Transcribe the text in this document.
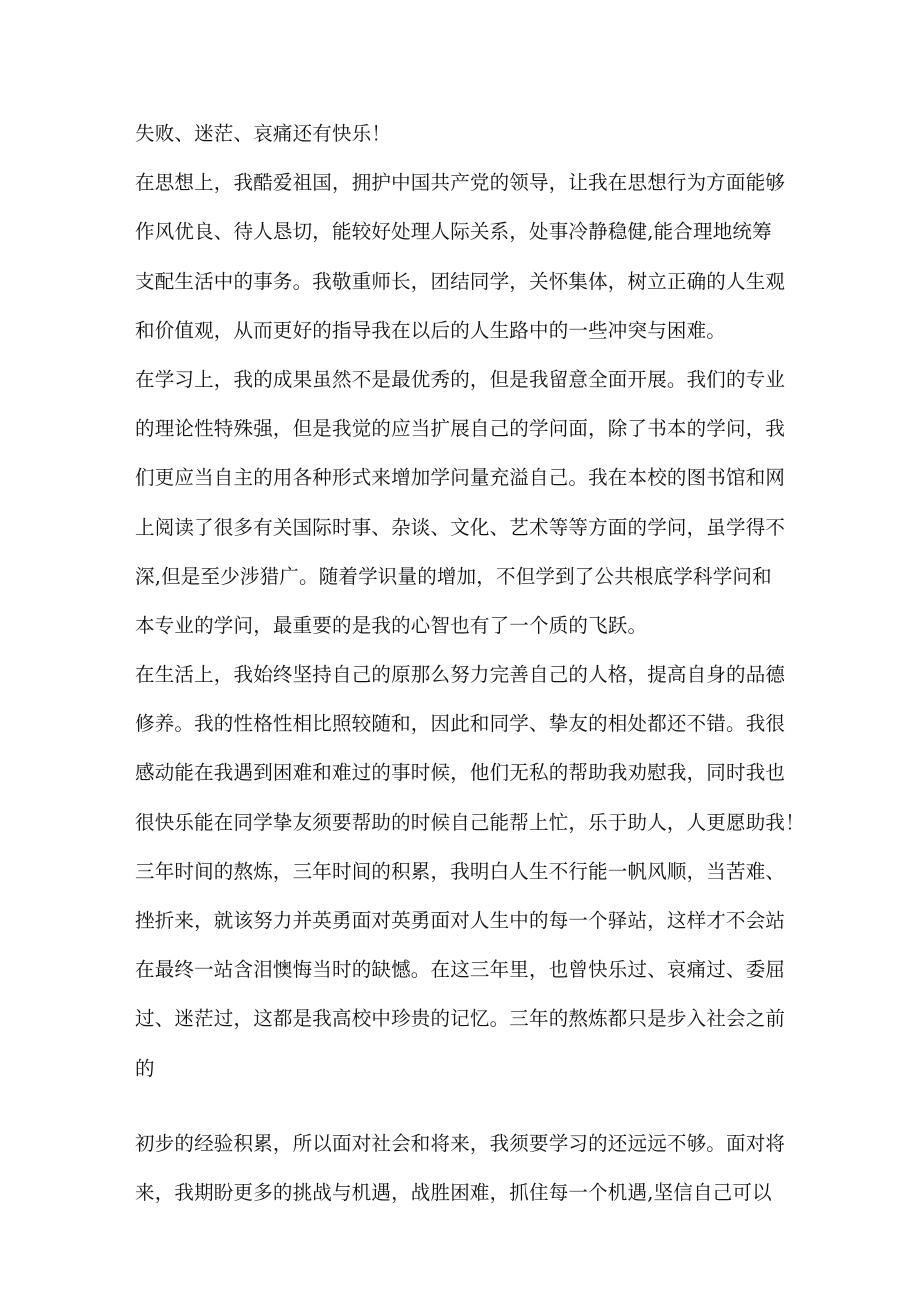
失败、迷茫、哀痛还有快乐！
在思想上，我酷爱祖国，拥护中国共产党的领导，让我在思想行为方面能够
作风优良、待人恳切，能较好处理人际关系，处事冷静稳健,能合理地统筹
支配生活中的事务。我敬重师长，团结同学，关怀集体，树立正确的人生观
和价值观，从而更好的指导我在以后的人生路中的一些冲突与困难。
在学习上，我的成果虽然不是最优秀的，但是我留意全面开展。我们的专业
的理论性特殊强，但是我觉的应当扩展自己的学问面，除了书本的学问，我
们更应当自主的用各种形式来增加学问量充溢自己。我在本校的图书馆和网
上阅读了很多有关国际时事、杂谈、文化、艺术等等方面的学问，虽学得不
深,但是至少涉猎广。随着学识量的增加，不但学到了公共根底学科学问和
本专业的学问，最重要的是我的心智也有了一个质的飞跃。
在生活上，我始终坚持自己的原那么努力完善自己的人格，提高自身的品德
修养。我的性格性相比照较随和，因此和同学、挚友的相处都还不错。我很
感动能在我遇到困难和难过的事时候，他们无私的帮助我劝慰我，同时我也
很快乐能在同学挚友须要帮助的时候自己能帮上忙，乐于助人，人更愿助我！
三年时间的熬炼，三年时间的积累，我明白人生不行能一帆风顺，当苦难、
挫折来，就该努力并英勇面对英勇面对人生中的每一个驿站，这样才不会站
在最终一站含泪懊悔当时的缺憾。在这三年里，也曾快乐过、哀痛过、委屈
过、迷茫过，这都是我高校中珍贵的记忆。三年的熬炼都只是步入社会之前
的
初步的经验积累，所以面对社会和将来，我须要学习的还远远不够。面对将
来，我期盼更多的挑战与机遇，战胜困难，抓住每一个机遇,坚信自己可以
